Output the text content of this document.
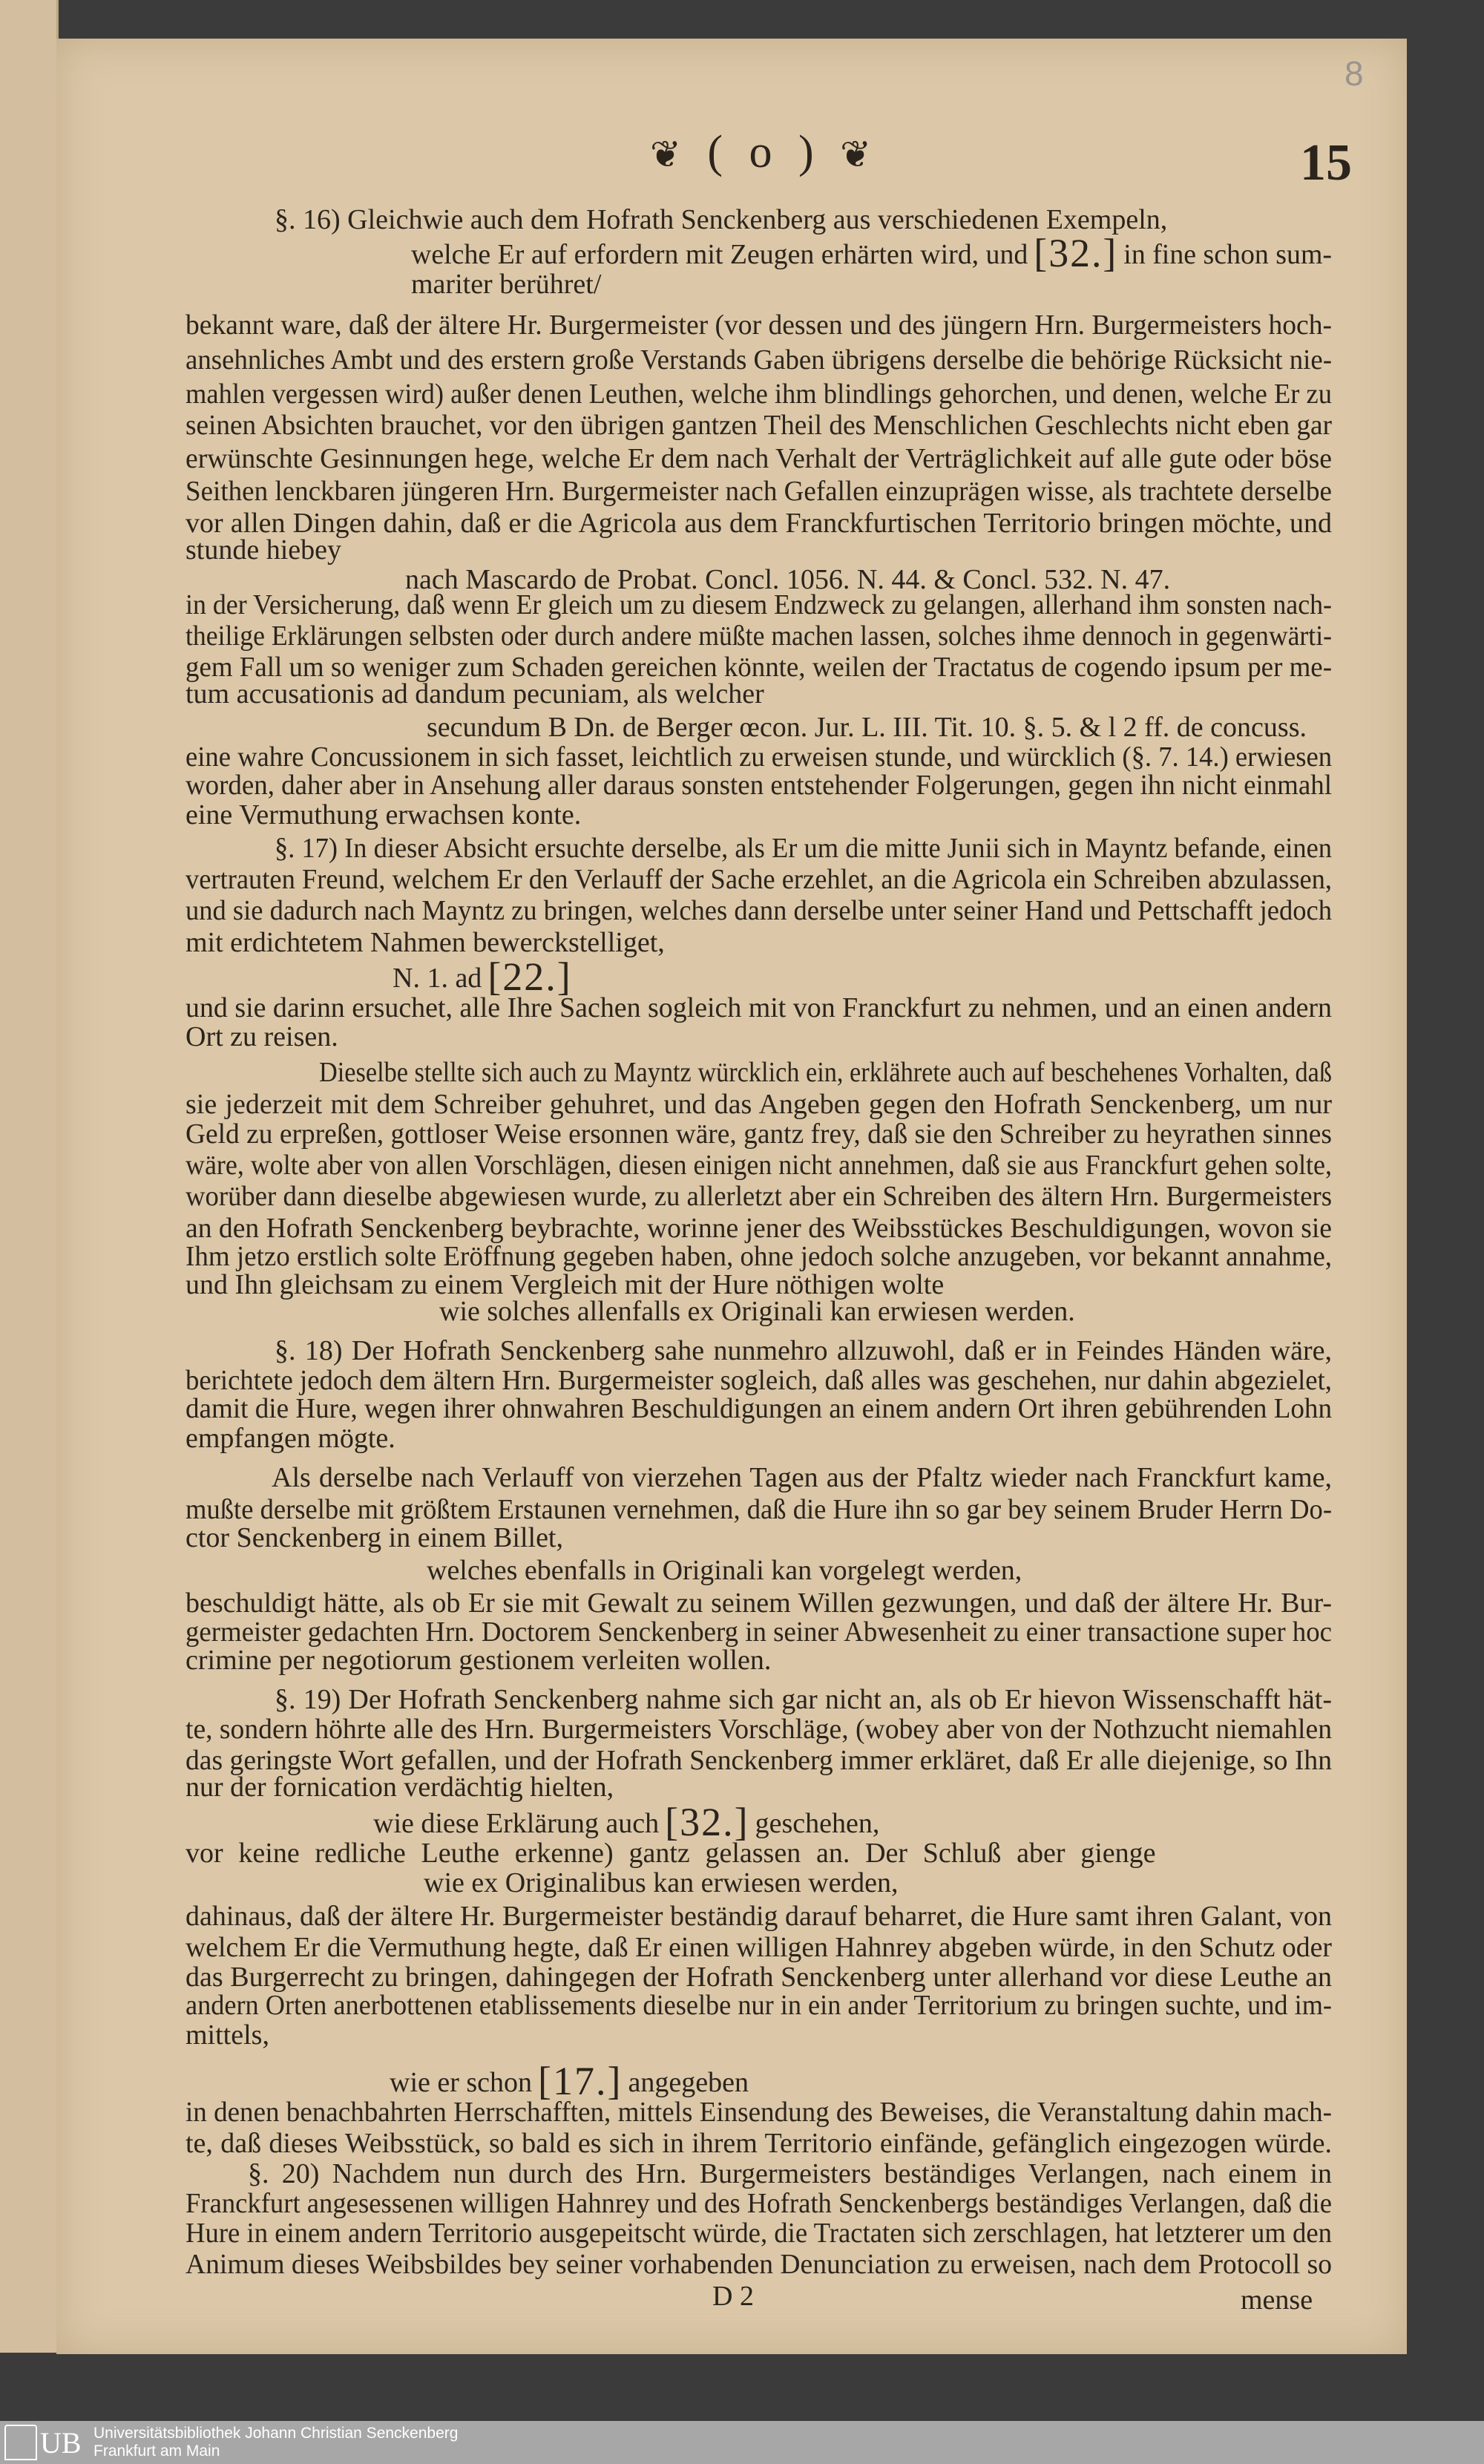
8
❦ ( o ) ❦	15
§. 16) Gleichwie auch dem Hofrath Senckenberg aus verschiedenen Exempeln,
welche Er auf erfordern mit Zeugen erhärten wird, und [32.] in fine schon sum-
mariter berühret/
bekannt ware, daß der ältere Hr. Burgermeister (vor dessen und des jüngern Hrn. Burgermeisters hoch-
ansehnliches Ambt und des erstern große Verstands Gaben übrigens derselbe die behörige Rücksicht nie-
mahlen vergessen wird) außer denen Leuthen, welche ihm blindlings gehorchen, und denen, welche Er zu
seinen Absichten brauchet, vor den übrigen gantzen Theil des Menschlichen Geschlechts nicht eben gar
erwünschte Gesinnungen hege, welche Er dem nach Verhalt der Verträglichkeit auf alle gute oder böse
Seithen lenckbaren jüngeren Hrn. Burgermeister nach Gefallen einzuprägen wisse, als trachtete derselbe
vor allen Dingen dahin, daß er die Agricola aus dem Franckfurtischen Territorio bringen möchte, und
stunde hiebey
nach Mascardo de Probat. Concl. 1056. N. 44. & Concl. 532. N. 47.
in der Versicherung, daß wenn Er gleich um zu diesem Endzweck zu gelangen, allerhand ihm sonsten nach-
theilige Erklärungen selbsten oder durch andere müßte machen lassen, solches ihme dennoch in gegenwärti-
gem Fall um so weniger zum Schaden gereichen könnte, weilen der Tractatus de cogendo ipsum per me-
tum accusationis ad dandum pecuniam, als welcher
secundum B Dn. de Berger œcon. Jur. L. III. Tit. 10. §. 5. & l 2 ff. de concuss.
eine wahre Concussionem in sich fasset, leichtlich zu erweisen stunde, und würcklich (§. 7. 14.) erwiesen
worden, daher aber in Ansehung aller daraus sonsten entstehender Folgerungen, gegen ihn nicht einmahl
eine Vermuthung erwachsen konte.
§. 17) In dieser Absicht ersuchte derselbe, als Er um die mitte Junii sich in Mayntz befande, einen
vertrauten Freund, welchem Er den Verlauff der Sache erzehlet, an die Agricola ein Schreiben abzulassen,
und sie dadurch nach Mayntz zu bringen, welches dann derselbe unter seiner Hand und Pettschafft jedoch
mit erdichtetem Nahmen bewerckstelliget,
N. 1. ad [22.]
und sie darinn ersuchet, alle Ihre Sachen sogleich mit von Franckfurt zu nehmen, und an einen andern
Ort zu reisen.
Dieselbe stellte sich auch zu Mayntz würcklich ein, erklährete auch auf beschehenes Vorhalten, daß
sie jederzeit mit dem Schreiber gehuhret, und das Angeben gegen den Hofrath Senckenberg, um nur
Geld zu erpreßen, gottloser Weise ersonnen wäre, gantz frey, daß sie den Schreiber zu heyrathen sinnes
wäre, wolte aber von allen Vorschlägen, diesen einigen nicht annehmen, daß sie aus Franckfurt gehen solte,
worüber dann dieselbe abgewiesen wurde, zu allerletzt aber ein Schreiben des ältern Hrn. Burgermeisters
an den Hofrath Senckenberg beybrachte, worinne jener des Weibsstückes Beschuldigungen, wovon sie
Ihm jetzo erstlich solte Eröffnung gegeben haben, ohne jedoch solche anzugeben, vor bekannt annahme,
und Ihn gleichsam zu einem Vergleich mit der Hure nöthigen wolte
wie solches allenfalls ex Originali kan erwiesen werden.
§. 18) Der Hofrath Senckenberg sahe nunmehro allzuwohl, daß er in Feindes Händen wäre,
berichtete jedoch dem ältern Hrn. Burgermeister sogleich, daß alles was geschehen, nur dahin abgezielet,
damit die Hure, wegen ihrer ohnwahren Beschuldigungen an einem andern Ort ihren gebührenden Lohn
empfangen mögte.
Als derselbe nach Verlauff von vierzehen Tagen aus der Pfaltz wieder nach Franckfurt kame,
mußte derselbe mit größtem Erstaunen vernehmen, daß die Hure ihn so gar bey seinem Bruder Herrn Do-
ctor Senckenberg in einem Billet,
welches ebenfalls in Originali kan vorgelegt werden,
beschuldigt hätte, als ob Er sie mit Gewalt zu seinem Willen gezwungen, und daß der ältere Hr. Bur-
germeister gedachten Hrn. Doctorem Senckenberg in seiner Abwesenheit zu einer transactione super hoc
crimine per negotiorum gestionem verleiten wollen.
§. 19) Der Hofrath Senckenberg nahme sich gar nicht an, als ob Er hievon Wissenschafft hät-
te, sondern höhrte alle des Hrn. Burgermeisters Vorschläge, (wobey aber von der Nothzucht niemahlen
das geringste Wort gefallen, und der Hofrath Senckenberg immer erkläret, daß Er alle diejenige, so Ihn
nur der fornication verdächtig hielten,
wie diese Erklärung auch [32.] geschehen,
vor keine redliche Leuthe erkenne) gantz gelassen an. Der Schluß aber gienge
wie ex Originalibus kan erwiesen werden,
dahinaus, daß der ältere Hr. Burgermeister beständig darauf beharret, die Hure samt ihren Galant, von
welchem Er die Vermuthung hegte, daß Er einen willigen Hahnrey abgeben würde, in den Schutz oder
das Burgerrecht zu bringen, dahingegen der Hofrath Senckenberg unter allerhand vor diese Leuthe an
andern Orten anerbottenen etablissements dieselbe nur in ein ander Territorium zu bringen suchte, und im-
mittels,
wie er schon [17.] angegeben
in denen benachbahrten Herrschafften, mittels Einsendung des Beweises, die Veranstaltung dahin mach-
te, daß dieses Weibsstück, so bald es sich in ihrem Territorio einfände, gefänglich eingezogen würde.
§. 20) Nachdem nun durch des Hrn. Burgermeisters beständiges Verlangen, nach einem in
Franckfurt angesessenen willigen Hahnrey und des Hofrath Senckenbergs beständiges Verlangen, daß die
Hure in einem andern Territorio ausgepeitscht würde, die Tractaten sich zerschlagen, hat letzterer um den
Animum dieses Weibsbildes bey seiner vorhabenden Denunciation zu erweisen, nach dem Protocoll so
D 2	mense
UB Universitätsbibliothek Johann Christian Senckenberg
Frankfurt am Main
